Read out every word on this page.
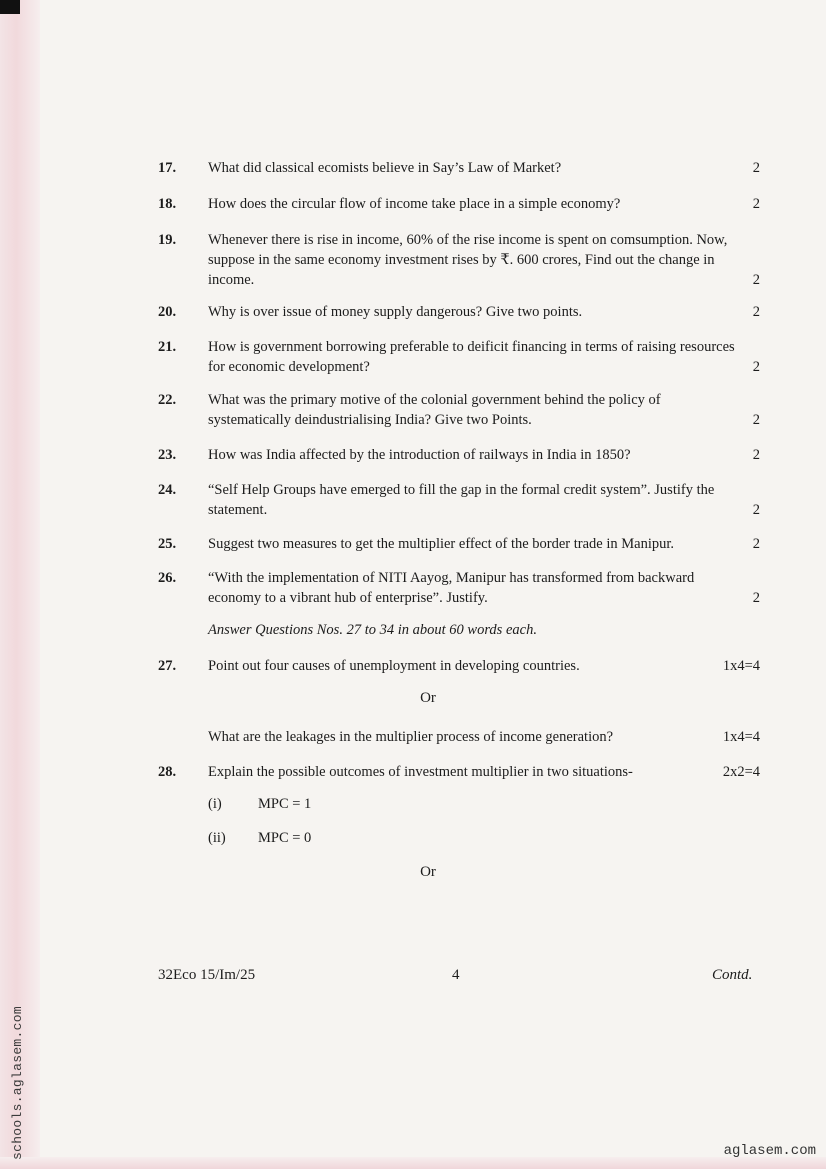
17.	What did classical ecomists believe in Say’s Law of Market?	2
18.	How does the circular flow of income take place in a simple economy?	2
19.	Whenever there is rise in income, 60% of the rise income is spent on comsumption. Now, suppose in the same economy investment rises by ₹. 600 crores, Find out the change in income.	2
20.	Why is over issue of money supply dangerous? Give two points.	2
21.	How is government borrowing preferable to deificit financing in terms of raising resources for economic development?	2
22.	What was the primary motive of the colonial government behind the policy of systematically deindustrialising India? Give two Points.	2
23.	How was India affected by the introduction of railways in India in 1850?	2
24.	“Self Help Groups have emerged to fill the gap in the formal credit system”. Justify the statement.	2
25.	Suggest two measures to get the multiplier effect of the border trade in Manipur.	2
26.	“With the implementation of NITI Aayog, Manipur has transformed from backward economy to a vibrant hub of enterprise”. Justify.	2
Answer Questions Nos. 27 to 34 in about 60 words each.
27.	Point out four causes of unemployment in developing countries.	1x4=4
Or
What are the leakages in the multiplier process of income generation?	1x4=4
28.	Explain the possible outcomes of investment multiplier in two situations-	2x2=4
(i)	MPC = 1
(ii) MPC = 0
Or
32Eco 15/Im/25	4	Contd.
schools.aglasem.com	aglasem.com
